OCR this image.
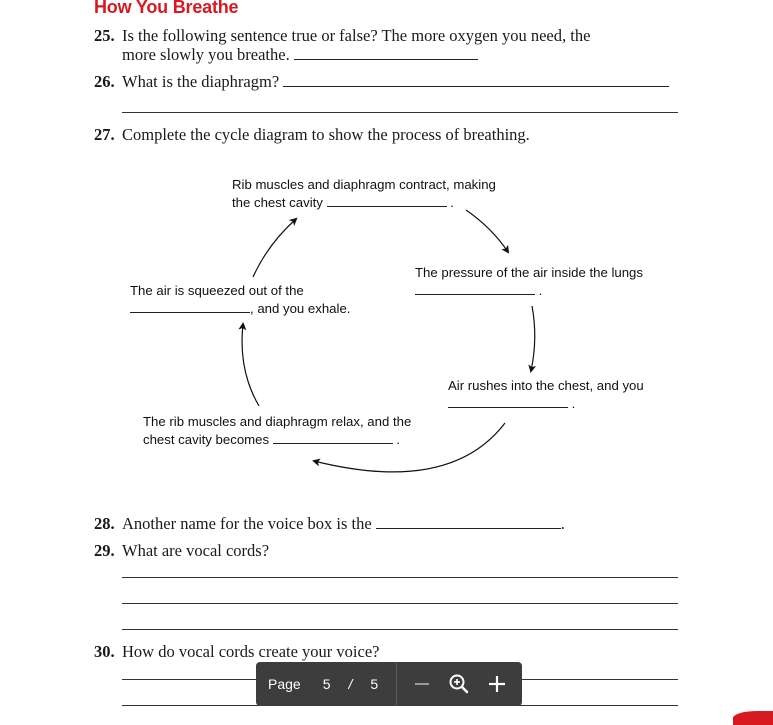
How You Breathe
25. Is the following sentence true or false? The more oxygen you need, the
more slowly you breathe.
26. What is the diaphragm?
27. Complete the cycle diagram to show the process of breathing.
Rib muscles and diaphragm contract, making
the chest cavity	.
The pressure of the air inside the lungs
.
Air rushes into the chest, and you
.
The rib muscles and diaphragm relax, and the
chest cavity becomes	.
The air is squeezed out of the
, and you exhale.
28. Another name for the voice box is the	.
29. What are vocal cords?
30. How do vocal cords create your voice?
Page 5 / 5
